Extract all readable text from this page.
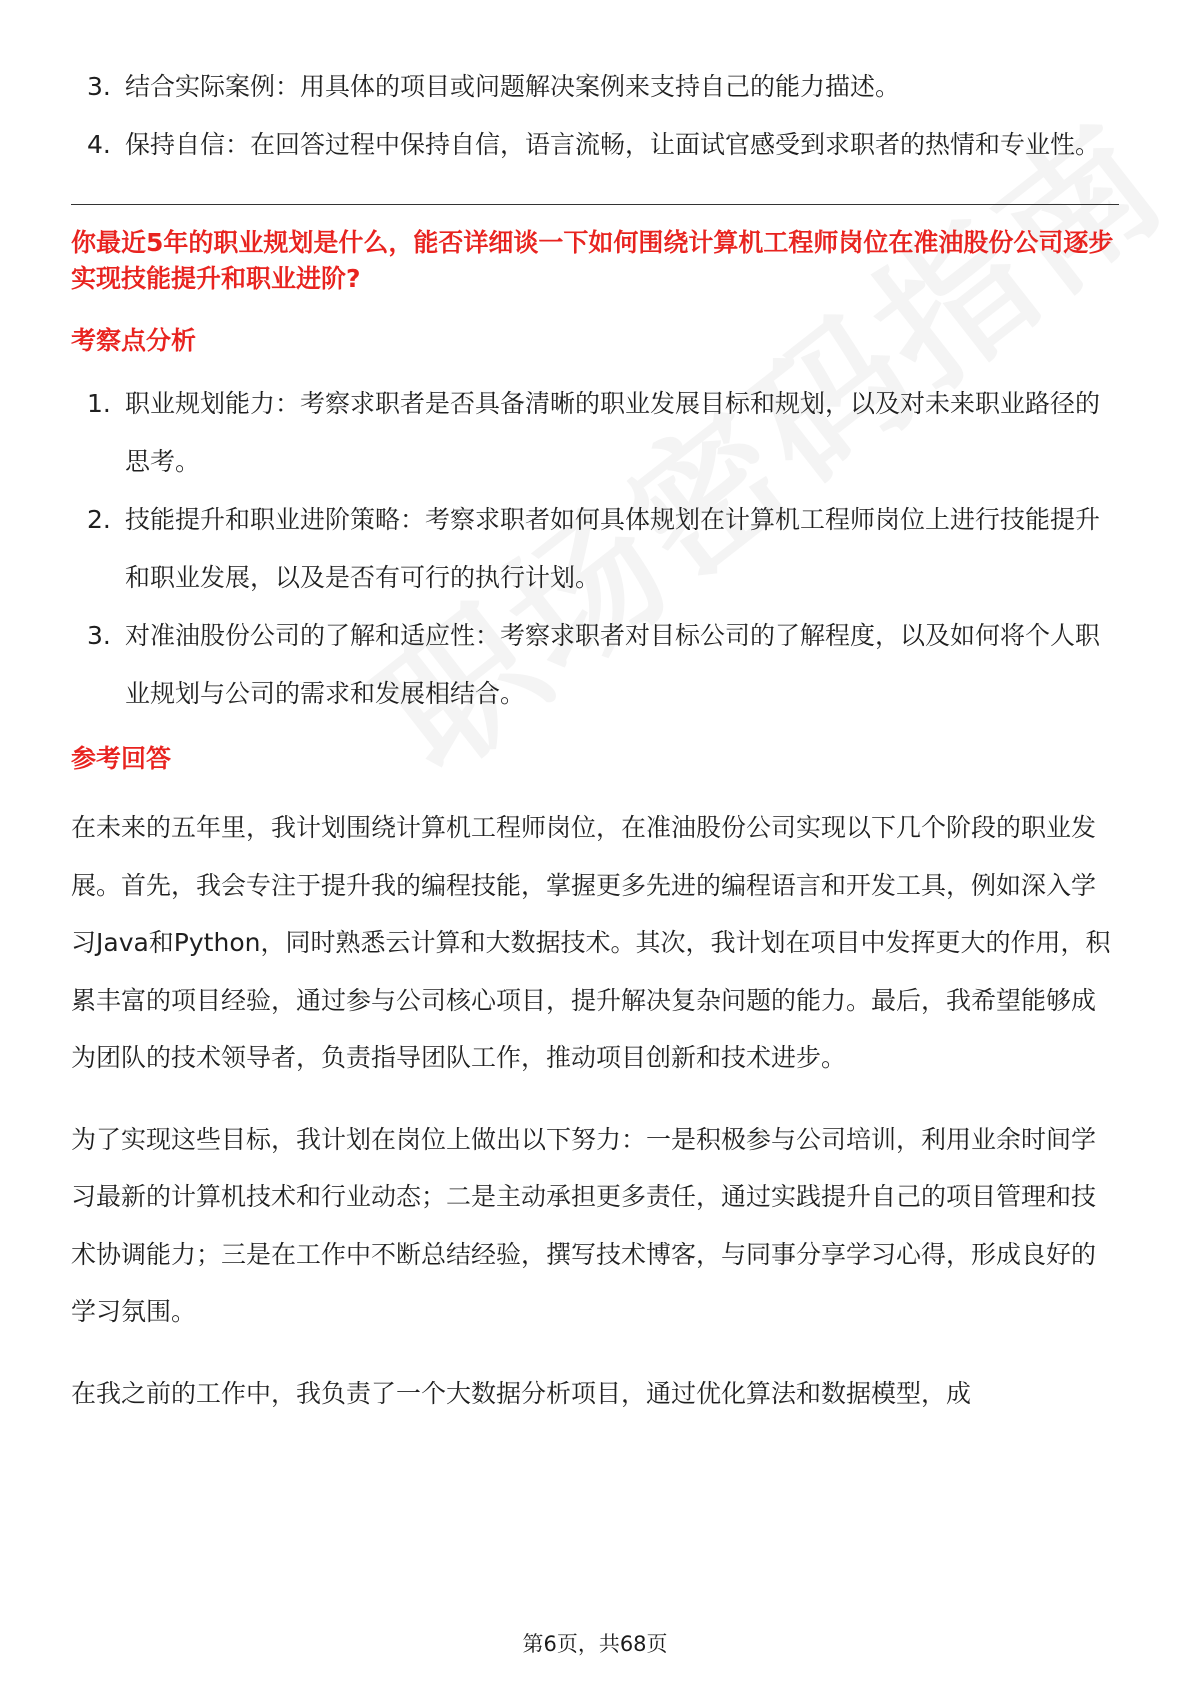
3. 结合实际案例：用具体的项目或问题解决案例来支持自己的能力描述。
4. 保持自信：在回答过程中保持自信，语言流畅，让面试官感受到求职者的热情和专业性。
你最近5年的职业规划是什么，能否详细谈一下如何围绕计算机工程师岗位在准油股份公司逐步实现技能提升和职业进阶?
考察点分析
1. 职业规划能力：考察求职者是否具备清晰的职业发展目标和规划，以及对未来职业路径的思考。
2. 技能提升和职业进阶策略：考察求职者如何具体规划在计算机工程师岗位上进行技能提升和职业发展，以及是否有可行的执行计划。
3. 对准油股份公司的了解和适应性：考察求职者对目标公司的了解程度，以及如何将个人职业规划与公司的需求和发展相结合。
参考回答

在未来的五年里，我计划围绕计算机工程师岗位，在准油股份公司实现以下几个阶段的职业发展。首先，我会专注于提升我的编程技能，掌握更多先进的编程语言和开发工具，例如深入学习Java和Python，同时熟悉云计算和大数据技术。其次，我计划在项目中发挥更大的作用，积累丰富的项目经验，通过参与公司核心项目，提升解决复杂问题的能力。最后，我希望能够成为团队的技术领导者，负责指导团队工作，推动项目创新和技术进步。

为了实现这些目标，我计划在岗位上做出以下努力：一是积极参与公司培训，利用业余时间学习最新的计算机技术和行业动态；二是主动承担更多责任，通过实践提升自己的项目管理和技术协调能力；三是在工作中不断总结经验，撰写技术博客，与同事分享学习心得，形成良好的学习氛围。

在我之前的工作中，我负责了一个大数据分析项目，通过优化算法和数据模型，成

第6页，共68页
